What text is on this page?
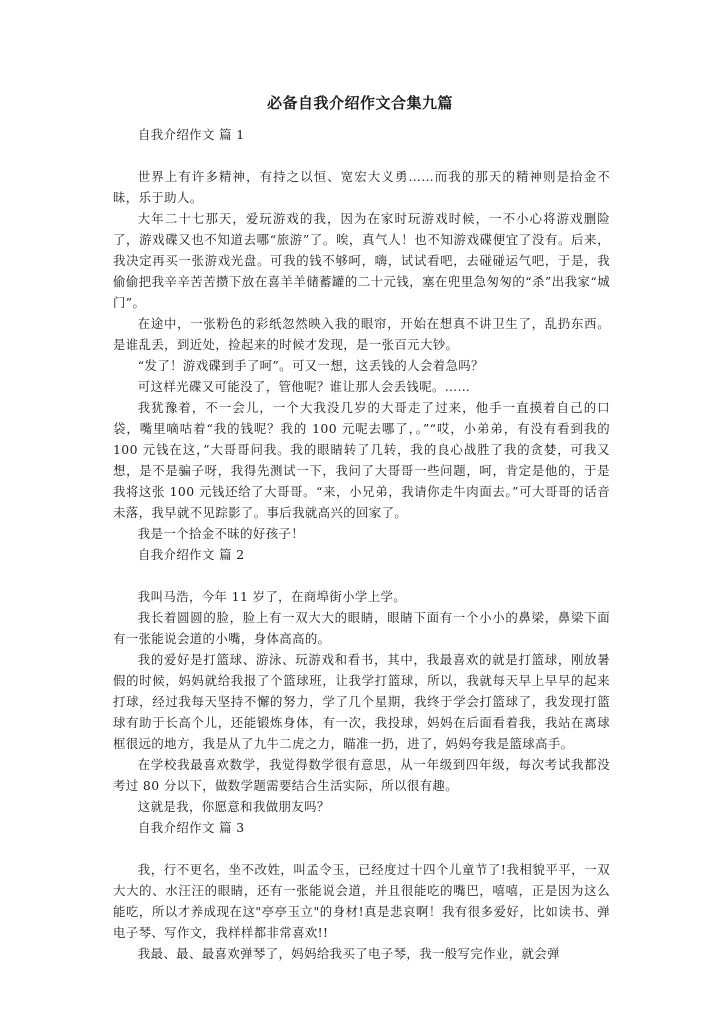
必备自我介绍作文合集九篇

自我介绍作文 篇 1

世界上有许多精神，有持之以恒、宽宏大义勇……而我的那天的精神则是拾金不昧，乐于助人。

大年二十七那天，爱玩游戏的我，因为在家时玩游戏时候，一不小心将游戏删险了，游戏碟又也不知道去哪“旅游”了。唉，真气人！也不知游戏碟便宜了没有。后来，我决定再买一张游戏光盘。可我的钱不够呵，嗨，试试看吧，去碰碰运气吧，于是，我偷偷把我辛辛苦苦攒下放在喜羊羊储蓄罐的二十元钱，塞在兜里急匆匆的“杀”出我家“城门”。

在途中，一张粉色的彩纸忽然映入我的眼帘，开始在想真不讲卫生了，乱扔东西。是谁乱丢，到近处，捡起来的时候才发现，是一张百元大钞。

“发了！游戏碟到手了呵”。可又一想，这丢钱的人会着急吗？

可这样光碟又可能没了，管他呢？谁让那人会丢钱呢。……

我犹豫着，不一会儿，一个大我没几岁的大哥走了过来，他手一直摸着自己的口袋，嘴里嘀咕着“我的钱呢？我的 100 元呢去哪了，。”“哎，小弟弟，有没有看到我的 100 元钱在这，”大哥哥问我。我的眼睛转了几转，我的良心战胜了我的贪婪，可我又想，是不是骗子呀，我得先测试一下，我问了大哥哥一些问题，呵，肯定是他的，于是我将这张 100 元钱还给了大哥哥。“来，小兄弟，我请你走牛肉面去。”可大哥哥的话音未落，我早就不见踪影了。事后我就高兴的回家了。

我是一个拾金不昧的好孩子！

自我介绍作文 篇 2

我叫马浩，今年 11 岁了，在商埠街小学上学。

我长着圆圆的脸，脸上有一双大大的眼睛，眼睛下面有一个小小的鼻梁，鼻梁下面有一张能说会道的小嘴，身体高高的。

我的爱好是打篮球、游泳、玩游戏和看书，其中，我最喜欢的就是打篮球，刚放暑假的时候，妈妈就给我报了个篮球班，让我学打篮球，所以，我就每天早上早早的起来打球，经过我每天坚持不懈的努力，学了几个星期，我终于学会打篮球了，我发现打篮球有助于长高个儿，还能锻炼身体，有一次，我投球，妈妈在后面看着我，我站在离球框很远的地方，我是从了九牛二虎之力，瞄准一扔，进了，妈妈夸我是篮球高手。

在学校我最喜欢数学，我觉得数学很有意思，从一年级到四年级，每次考试我都没考过 80 分以下，做数学题需要结合生活实际，所以很有趣。

这就是我，你愿意和我做朋友吗？

自我介绍作文 篇 3

我，行不更名，坐不改姓，叫孟令玉，已经度过十四个儿童节了!我相貌平平，一双大大的、水汪汪的眼睛，还有一张能说会道，并且很能吃的嘴巴，嘻嘻，正是因为这么能吃，所以才养成现在这"亭亭玉立"的身材!真是悲哀啊！我有很多爱好，比如读书、弹电子琴、写作文，我样样都非常喜欢!!

我最、最、最喜欢弹琴了，妈妈给我买了电子琴，我一般写完作业，就会弹
